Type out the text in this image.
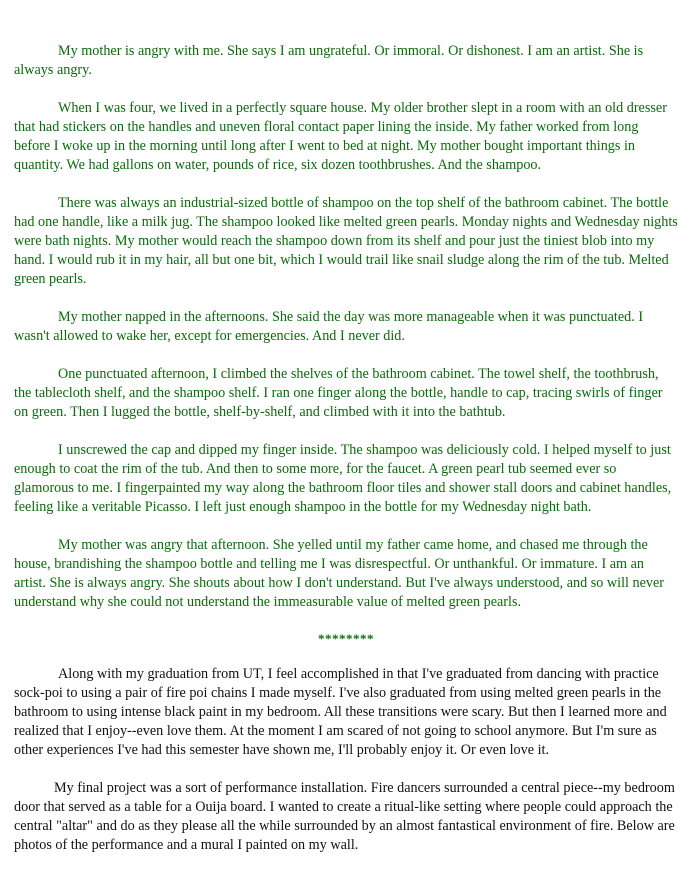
My mother is angry with me. She says I am ungrateful. Or immoral. Or dishonest. I am an artist. She is always angry.

When I was four, we lived in a perfectly square house. My older brother slept in a room with an old dresser that had stickers on the handles and uneven floral contact paper lining the inside. My father worked from long before I woke up in the morning until long after I went to bed at night. My mother bought important things in quantity. We had gallons on water, pounds of rice, six dozen toothbrushes. And the shampoo.

There was always an industrial-sized bottle of shampoo on the top shelf of the bathroom cabinet. The bottle had one handle, like a milk jug. The shampoo looked like melted green pearls. Monday nights and Wednesday nights were bath nights. My mother would reach the shampoo down from its shelf and pour just the tiniest blob into my hand. I would rub it in my hair, all but one bit, which I would trail like snail sludge along the rim of the tub. Melted green pearls.

My mother napped in the afternoons. She said the day was more manageable when it was punctuated. I wasn't allowed to wake her, except for emergencies. And I never did.

One punctuated afternoon, I climbed the shelves of the bathroom cabinet. The towel shelf, the toothbrush, the tablecloth shelf, and the shampoo shelf. I ran one finger along the bottle, handle to cap, tracing swirls of finger on green. Then I lugged the bottle, shelf-by-shelf, and climbed with it into the bathtub.

I unscrewed the cap and dipped my finger inside. The shampoo was deliciously cold. I helped myself to just enough to coat the rim of the tub. And then to some more, for the faucet. A green pearl tub seemed ever so glamorous to me. I fingerpainted my way along the bathroom floor tiles and shower stall doors and cabinet handles, feeling like a veritable Picasso. I left just enough shampoo in the bottle for my Wednesday night bath.

My mother was angry that afternoon. She yelled until my father came home, and chased me through the house, brandishing the shampoo bottle and telling me I was disrespectful. Or unthankful. Or immature. I am an artist. She is always angry. She shouts about how I don't understand. But I've always understood, and so will never understand why she could not understand the immeasurable value of melted green pearls.

********

Along with my graduation from UT, I feel accomplished in that I've graduated from dancing with practice sock-poi to using a pair of fire poi chains I made myself. I've also graduated from using melted green pearls in the bathroom to using intense black paint in my bedroom. All these transitions were scary. But then I learned more and realized that I enjoy--even love them. At the moment I am scared of not going to school anymore. But I'm sure as other experiences I've had this semester have shown me, I'll probably enjoy it. Or even love it.

My final project was a sort of performance installation. Fire dancers surrounded a central piece--my bedroom door that served as a table for a Ouija board. I wanted to create a ritual-like setting where people could approach the central "altar" and do as they please all the while surrounded by an almost fantastical environment of fire. Below are photos of the performance and a mural I painted on my wall.
